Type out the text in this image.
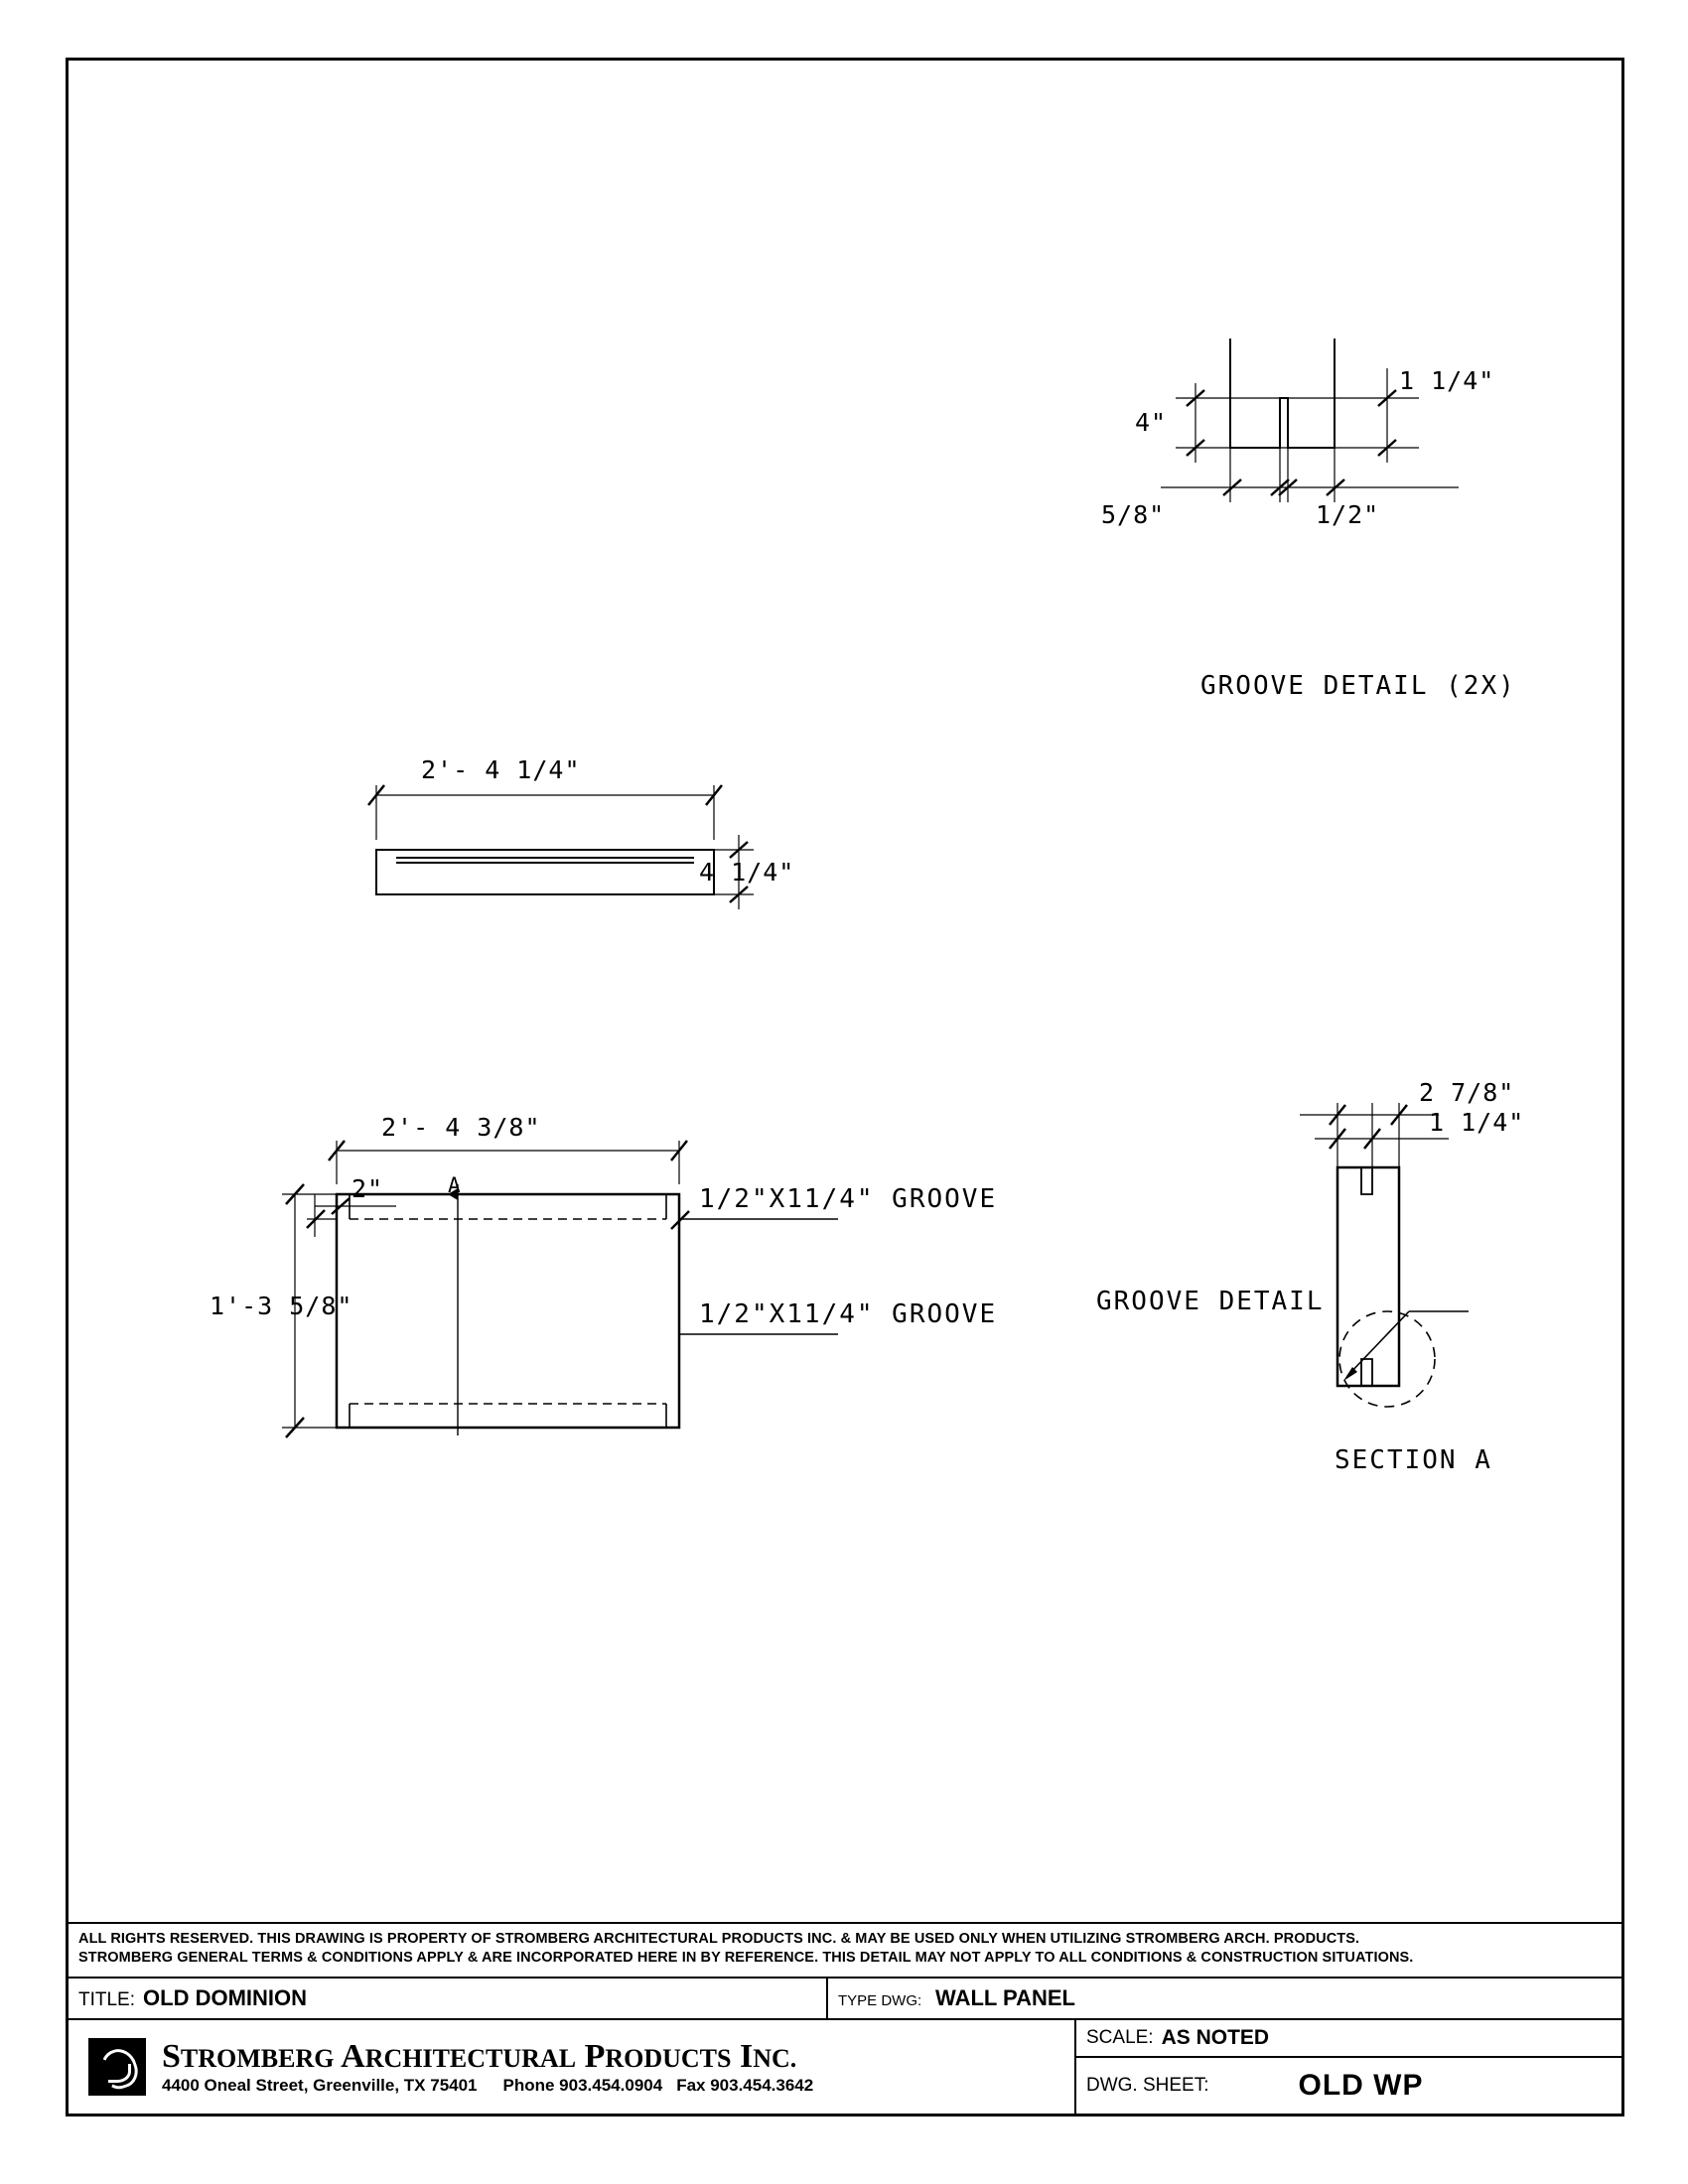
4"
1 1/4"
5/8"	1/2"
GROOVE DETAIL (2X)
2'- 4 1/4"
4 1/4"
2'- 4 3/8"
1'-3 5/8"
2"	A	1/2"X11/4" GROOVE
1/2"X11/4" GROOVE
2 7/8"
1 1/4"
GROOVE DETAIL
SECTION A
ALL RIGHTS RESERVED. THIS DRAWING IS PROPERTY OF STROMBERG ARCHITECTURAL PRODUCTS INC. & MAY BE USED ONLY WHEN UTILIZING STROMBERG ARCH. PRODUCTS.
STROMBERG GENERAL TERMS & CONDITIONS APPLY & ARE INCORPORATED HERE IN BY REFERENCE. THIS DETAIL MAY NOT APPLY TO ALL CONDITIONS & CONSTRUCTION SITUATIONS.
TITLE: OLD DOMINION	TYPE DWG: WALL PANEL
STROMBERG ARCHITECTURAL PRODUCTS INC.
4400 Oneal Street, Greenville, TX 75401 Phone 903.454.0904 Fax 903.454.3642
SCALE: AS NOTED
DWG. SHEET:	OLD WP
